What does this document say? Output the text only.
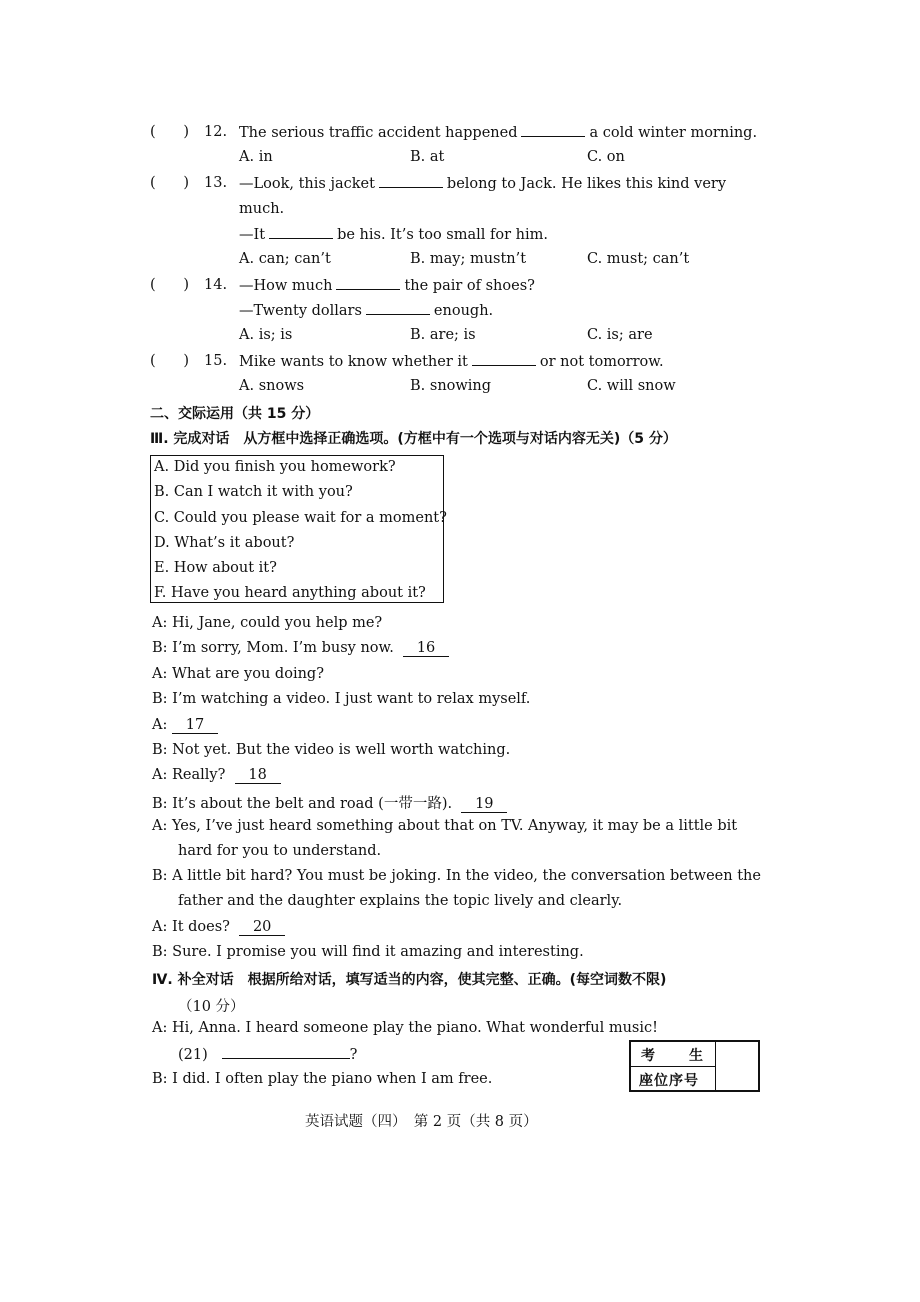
( ) 12. The serious traffic accident happened	a cold winter morning.
A. in	B. at	C. on
( ) 13. —Look, this jacket	belong to Jack. He likes this kind very
much.
—It	be his. It’s too small for him.
A. can; can’t	B. may; mustn’t	C. must; can’t
( ) 14. —How much	the pair of shoes?
—Twenty dollars	enough.
A. is; is	B. are; is	C. is; are
( ) 15. Mike wants to know whether it	or not tomorrow.
A. snows	B. snowing	C. will snow
二、交际运用（共 15 分）
Ⅲ. 完成对话　从方框中选择正确选项。(方框中有一个选项与对话内容无关)（5 分）
A. Did you finish you homework?
B. Can I watch it with you?
C. Could you please wait for a moment?
D. What’s it about?
E. How about it?
F. Have you heard anything about it?
A: Hi, Jane, could you help me?
B: I’m sorry, Mom. I’m busy now. 16
A: What are you doing?
B: I’m watching a video. I just want to relax myself.
A: 17
B: Not yet. But the video is well worth watching.
A: Really? 18
B: It’s about the belt and road (一带一路). 19
A: Yes, I’ve just heard something about that on TV. Anyway, it may be a little bit
hard for you to understand.
B: A little bit hard? You must be joking. In the video, the conversation between the
father and the daughter explains the topic lively and clearly.
A: It does? 20
B: Sure. I promise you will find it amazing and interesting.
Ⅳ. 补全对话　根据所给对话，填写适当的内容，使其完整、正确。(每空词数不限)
（10 分）
A: Hi, Anna. I heard someone play the piano. What wonderful music!
(21)	?
B: I did. I often play the piano when I am free.
考 生
座位序号
英语试题（四）　第 2 页（共 8 页）
